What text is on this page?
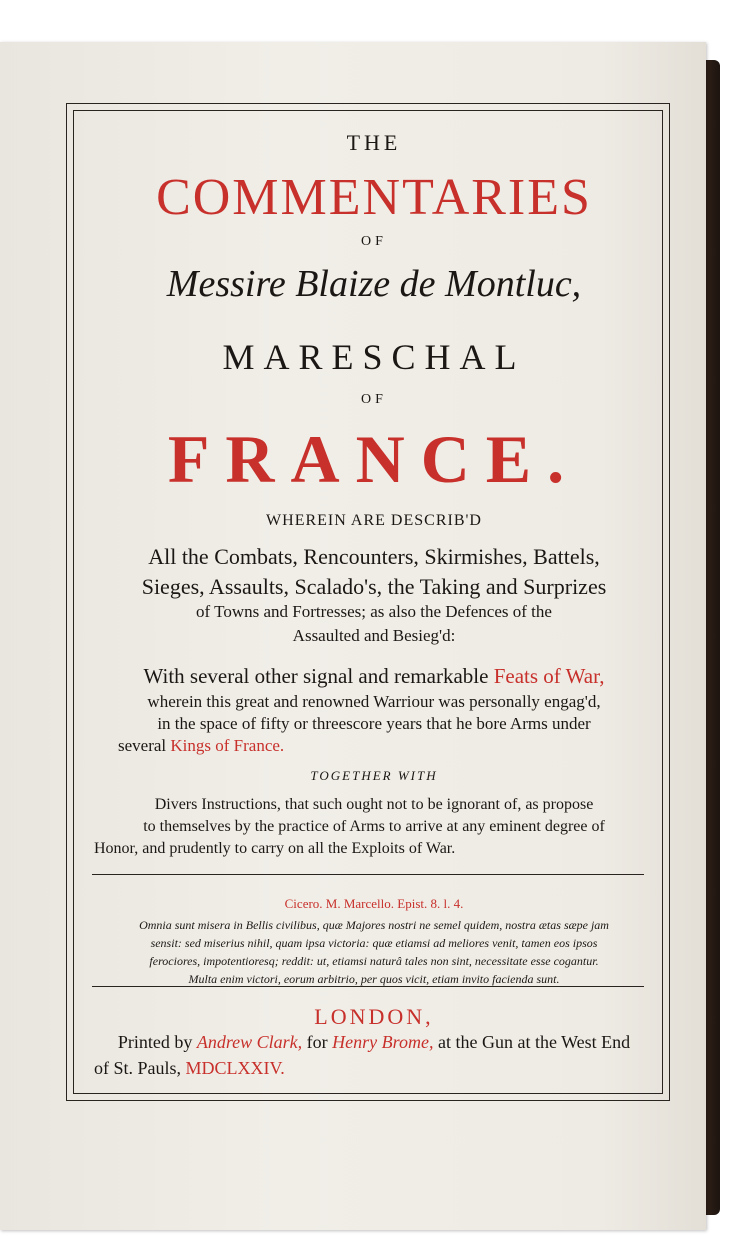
THE
COMMENTARIES
OF
Messire Blaize de Montluc,
MARESCHAL
OF
FRANCE.
WHEREIN ARE DESCRIB'D
All the Combats, Rencounters, Skirmishes, Battels,
Sieges, Assaults, Scalado's, the Taking and Surprizes
of Towns and Fortresses; as also the Defences of the
Assaulted and Besieg'd:
With several other signal and remarkable Feats of War,
wherein this great and renowned Warriour was personally engag'd,
in the space of fifty or threescore years that he bore Arms under
several Kings of France.
TOGETHER WITH
Divers Instructions, that such ought not to be ignorant of, as propose
to themselves by the practice of Arms to arrive at any eminent degree of
Honor, and prudently to carry on all the Exploits of War.
Cicero. M. Marcello. Epist. 8. l. 4.
Omnia sunt misera in Bellis civilibus, quæ Majores nostri ne semel quidem, nostra ætas sæpe jam
sensit: sed miserius nihil, quam ipsa victoria: quæ etiamsi ad meliores venit, tamen eos ipsos
ferociores, impotentioresq; reddit: ut, etiamsi naturâ tales non sint, necessitate esse cogantur.
Multa enim victori, eorum arbitrio, per quos vicit, etiam invito facienda sunt.
LONDON,
Printed by Andrew Clark, for Henry Brome, at the Gun at the West End
of St. Pauls, MDCLXXIV.
